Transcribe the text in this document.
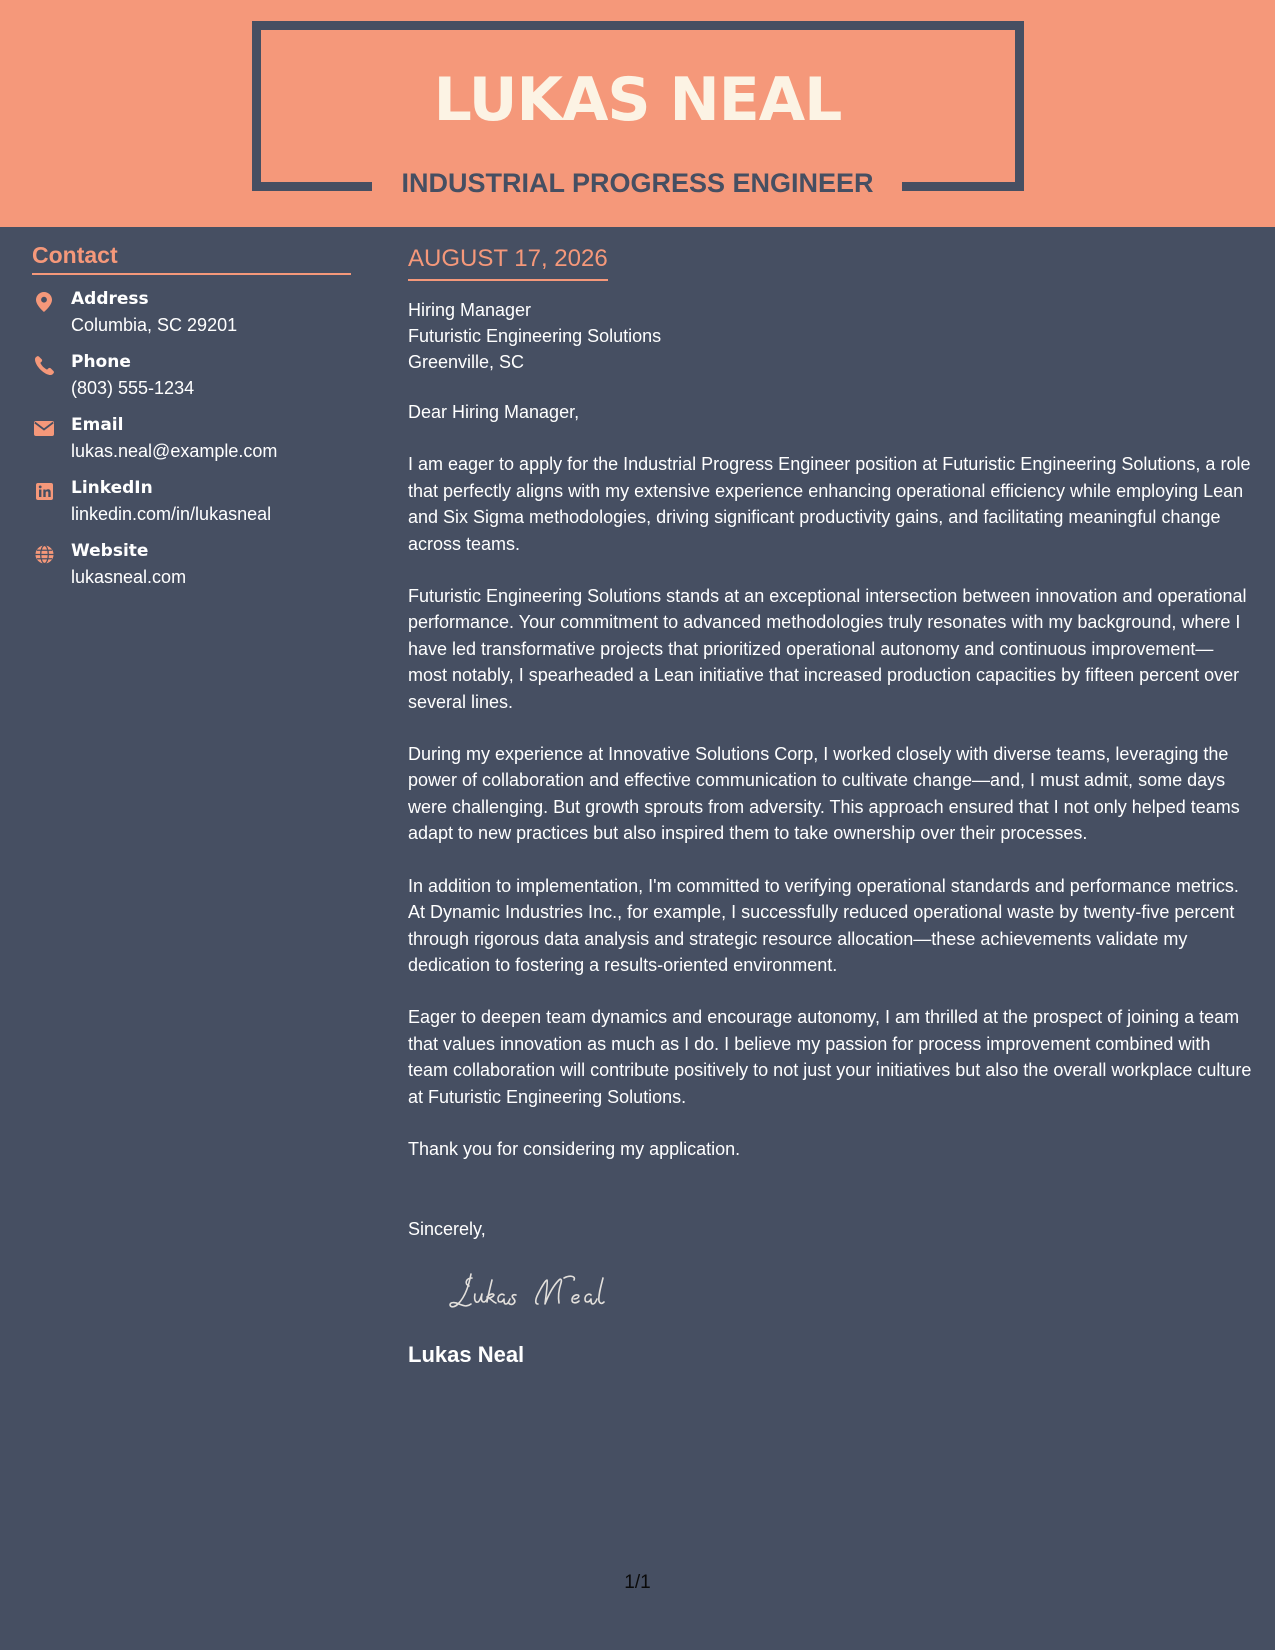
LUKAS NEAL
INDUSTRIAL PROGRESS ENGINEER
Contact
Address
Columbia, SC 29201
Phone
(803) 555-1234
Email
lukas.neal@example.com
LinkedIn
linkedin.com/in/lukasneal
Website
lukasneal.com
AUGUST 17, 2026

Hiring Manager

Futuristic Engineering Solutions

Greenville, SC

Dear Hiring Manager,

I am eager to apply for the Industrial Progress Engineer position at Futuristic Engineering Solutions, a role that perfectly aligns with my extensive experience enhancing operational efficiency while employing Lean and Six Sigma methodologies, driving significant productivity gains, and facilitating meaningful change across teams.

Futuristic Engineering Solutions stands at an exceptional intersection between innovation and operational performance. Your commitment to advanced methodologies truly resonates with my background, where I have led transformative projects that prioritized operational autonomy and continuous improvement—most notably, I spearheaded a Lean initiative that increased production capacities by fifteen percent over several lines.

During my experience at Innovative Solutions Corp, I worked closely with diverse teams, leveraging the power of collaboration and effective communication to cultivate change—and, I must admit, some days were challenging. But growth sprouts from adversity. This approach ensured that I not only helped teams adapt to new practices but also inspired them to take ownership over their processes.

In addition to implementation, I'm committed to verifying operational standards and performance metrics. At Dynamic Industries Inc., for example, I successfully reduced operational waste by twenty-five percent through rigorous data analysis and strategic resource allocation—these achievements validate my dedication to fostering a results-oriented environment.

Eager to deepen team dynamics and encourage autonomy, I am thrilled at the prospect of joining a team that values innovation as much as I do. I believe my passion for process improvement combined with team collaboration will contribute positively to not just your initiatives but also the overall workplace culture at Futuristic Engineering Solutions.

Thank you for considering my application.

Sincerely,

Lukas Neal

1/1
